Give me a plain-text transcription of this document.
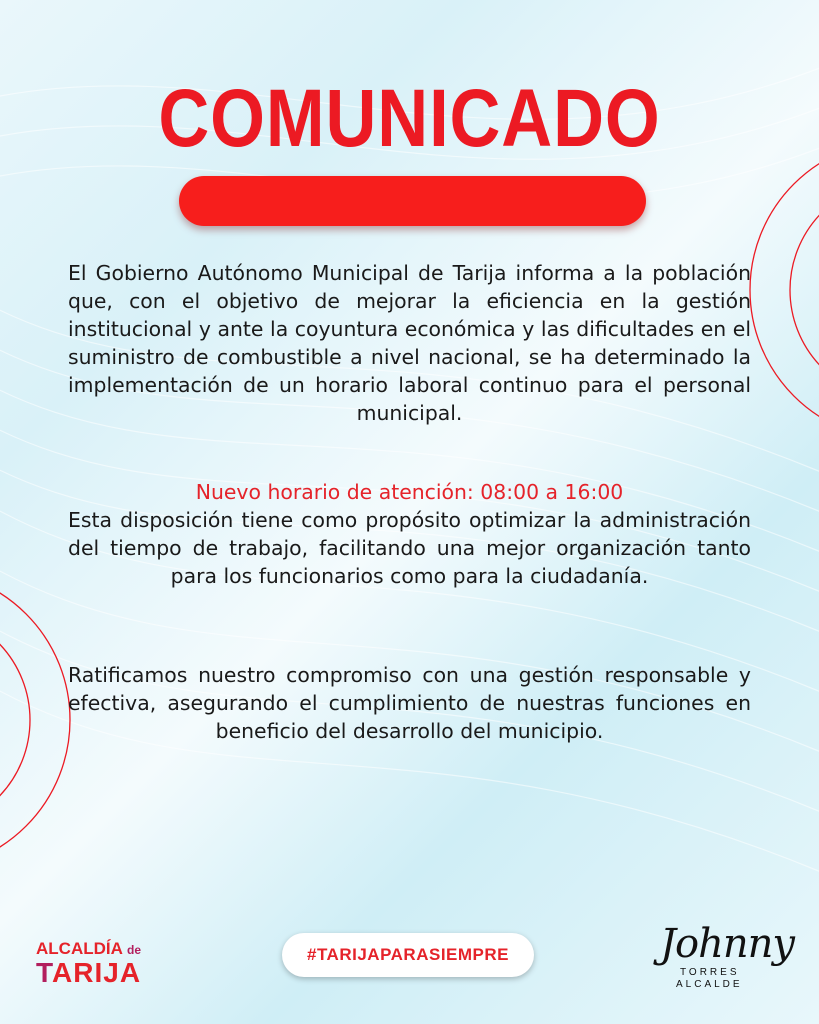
COMUNICADO
El Gobierno Autónomo Municipal de Tarija informa a la población que, con el objetivo de mejorar la eficiencia en la gestión institucional y ante la coyuntura económica y las dificultades en el suministro de combustible a nivel nacional, se ha determinado la implementación de un horario laboral continuo para el personal municipal.
Nuevo horario de atención: 08:00 a 16:00
Esta disposición tiene como propósito optimizar la administración del tiempo de trabajo, facilitando una mejor organización tanto para los funcionarios como para la ciudadanía.
Ratificamos nuestro compromiso con una gestión responsable y efectiva, asegurando el cumplimiento de nuestras funciones en beneficio del desarrollo del municipio.
ALCALDÍA de
TARIJA
#TARIJAPARASIEMPRE	Johnny
TORRES
ALCALDE
